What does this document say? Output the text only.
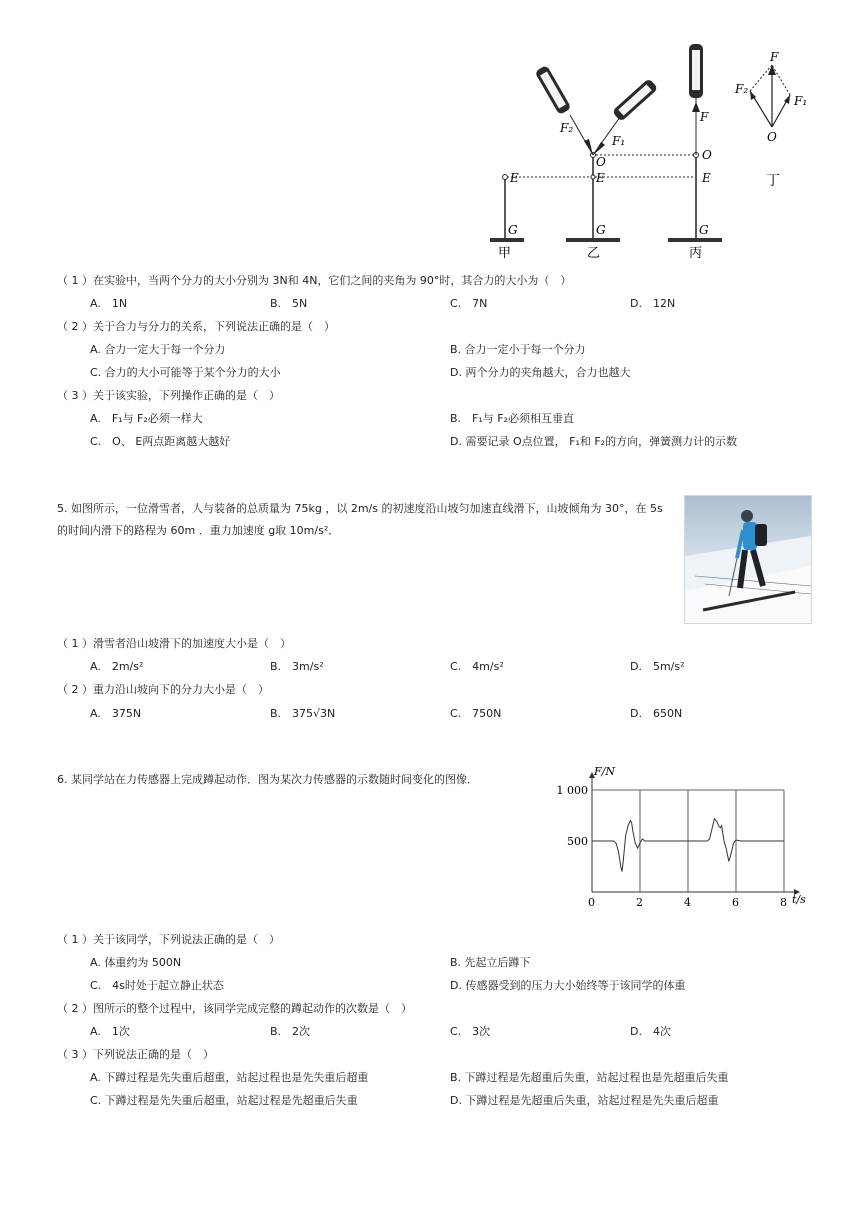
E
G
甲
F₂
F₁
O
E
G
乙
F
O
E
G
丙
F
F₂
F₁
O
丁
（ 1 ）在实验中，当两个分力的大小分别为 3N和 4N，它们之间的夹角为 90°时，其合力的大小为（　）
A.　1N	B.　5N	C.　7N	D.　12N
（ 2 ）关于合力与分力的关系，下列说法正确的是（　）
A. 合力一定大于每一个分力	B. 合力一定小于每一个分力
C. 合力的大小可能等于某个分力的大小	D. 两个分力的夹角越大，合力也越大
（ 3 ）关于该实验，下列操作正确的是（　）
A.　F₁与 F₂必须一样大	B.　F₁与 F₂必须相互垂直
C.　O、 E两点距离越大越好	D. 需要记录 O点位置， F₁和 F₂的方向，弹簧测力计的示数
5. 如图所示，一位滑雪者，人与装备的总质量为 75kg ，以 2m/s 的初速度沿山坡匀加速直线滑下，山坡倾角为 30°，在 5s
的时间内滑下的路程为 60m ．重力加速度 g取 10m/s²．
（ 1 ）滑雪者沿山坡滑下的加速度大小是（　）
A.　2m/s²	B.　3m/s²	C.　4m/s²	D.　5m/s²
（ 2 ）重力沿山坡向下的分力大小是（　）
A.　375N	B.　375√3N	C.　750N	D.　650N
6. 某同学站在力传感器上完成蹲起动作．图为某次力传感器的示数随时间变化的图像．
0	2	4	6	8
500
1 000
F/N
t/s
（ 1 ）关于该同学，下列说法正确的是（　）
A. 体重约为 500N	B. 先起立后蹲下
C.　4s时处于起立静止状态	D. 传感器受到的压力大小始终等于该同学的体重
（ 2 ）图所示的整个过程中，该同学完成完整的蹲起动作的次数是（　）
A.　1次	B.　2次	C.　3次	D.　4次
（ 3 ）下列说法正确的是（　）
A. 下蹲过程是先失重后超重，站起过程也是先失重后超重	B. 下蹲过程是先超重后失重，站起过程也是先超重后失重
C. 下蹲过程是先失重后超重，站起过程是先超重后失重	D. 下蹲过程是先超重后失重，站起过程是先失重后超重
